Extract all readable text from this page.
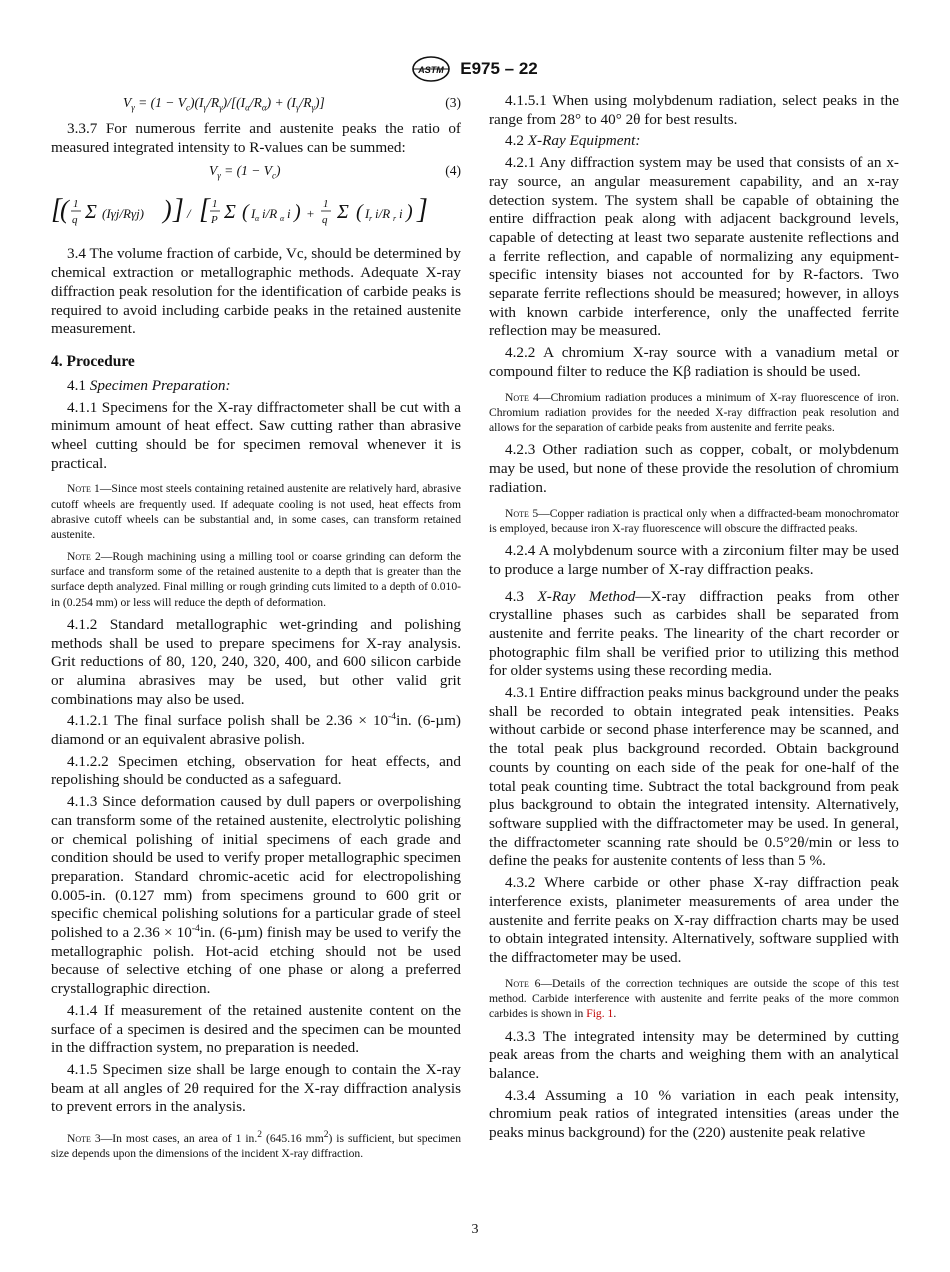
ASTM E975 – 22
$V_\gamma = (1 - V_c)(I_\gamma/R_\gamma)/[(I_\alpha/R_\alpha) + (I_\gamma/R_\gamma)]$	(3)

3.3.7 For numerous ferrite and austenite peaks the ratio of measured integrated intensity to R-values can be summed:

$V_\gamma = (1 - V_c)$	(4)
[
( 1
q Σ (Iγj/Rγj) ) ] / [ 1
P Σ ( I α i/R α i ) +
1
q Σ ( I r i/R r i ) ]

3.4 The volume fraction of carbide, Vc, should be determined by chemical extraction or metallographic methods. Adequate X-ray diffraction peak resolution for the identification of carbide peaks is required to avoid including carbide peaks in the retained austenite measurement.

4. Procedure

4.1 Specimen Preparation:

4.1.1 Specimens for the X-ray diffractometer shall be cut with a minimum amount of heat effect. Saw cutting rather than abrasive wheel cutting should be for specimen removal whenever it is practical.

Note 1—Since most steels containing retained austenite are relatively hard, abrasive cutoff wheels are frequently used. If adequate cooling is not used, heat effects from abrasive cutoff wheels can be substantial and, in some cases, can transform retained austenite.
Note 2—Rough machining using a milling tool or coarse grinding can deform the surface and transform some of the retained austenite to a depth that is greater than the surface depth analyzed. Final milling or rough grinding cuts limited to a depth of 0.010-in (0.254 mm) or less will reduce the depth of deformation.

4.1.2 Standard metallographic wet-grinding and polishing methods shall be used to prepare specimens for X-ray analysis. Grit reductions of 80, 120, 240, 320, 400, and 600 silicon carbide or alumina abrasives may be used, but other valid grit combinations may also be used.

4.1.2.1 The final surface polish shall be $2.36 \times 10^{-4}in$. (6-µm) diamond or an equivalent abrasive polish.

4.1.2.2 Specimen etching, observation for heat effects, and repolishing should be conducted as a safeguard.

4.1.3 Since deformation caused by dull papers or overpolishing can transform some of the retained austenite, electrolytic polishing or chemical polishing of initial specimens of each grade and condition should be used to verify proper metallographic specimen preparation. Standard chromic-acetic acid for electropolishing 0.005-in. (0.127 mm) from specimens ground to 600 grit or specific chemical polishing solutions for a particular grade of steel polished to a $2.36 \times 10^{-4}in$. (6-µm) finish may be used to verify the metallographic polish. Hot-acid etching should not be used because of selective etching of one phase or along a preferred crystallographic direction.

4.1.4 If measurement of the retained austenite content on the surface of a specimen is desired and the specimen can be mounted in the diffraction system, no preparation is needed.

4.1.5 Specimen size shall be large enough to contain the X-ray beam at all angles of 2θ required for the X-ray diffraction analysis to prevent errors in the analysis.

Note 3—In most cases, an area of 1 in.$^2$ (645.16 $mm^2$) is sufficient, but specimen size depends upon the dimensions of the incident X-ray diffraction.

4.1.5.1 When using molybdenum radiation, select peaks in the range from 28° to 40° 2θ for best results.

4.2 X-Ray Equipment:

4.2.1 Any diffraction system may be used that consists of an x-ray source, an angular measurement capability, and an x-ray detection system. The system shall be capable of obtaining the entire diffraction peak along with adjacent background levels, capable of detecting at least two separate austenite reflections and a ferrite reflection, and capable of normalizing any equipment-specific intensity biases not accounted for by R-factors. Two separate ferrite reflections should be measured; however, in alloys with known carbide interference, only the unaffected ferrite reflection may be measured.

4.2.2 A chromium X-ray source with a vanadium metal or compound filter to reduce the Kβ radiation is should be used.

Note 4—Chromium radiation produces a minimum of X-ray fluorescence of iron. Chromium radiation provides for the needed X-ray diffraction peak resolution and allows for the separation of carbide peaks from austenite and ferrite peaks.

4.2.3 Other radiation such as copper, cobalt, or molybdenum may be used, but none of these provide the resolution of chromium radiation.

Note 5—Copper radiation is practical only when a diffracted-beam monochromator is employed, because iron X-ray fluorescence will obscure the diffracted peaks.

4.2.4 A molybdenum source with a zirconium filter may be used to produce a large number of X-ray diffraction peaks.

4.3 X-Ray Method—X-ray diffraction peaks from other crystalline phases such as carbides shall be separated from austenite and ferrite peaks. The linearity of the chart recorder or photographic film shall be verified prior to utilizing this method for older systems using these recording media.

4.3.1 Entire diffraction peaks minus background under the peaks shall be recorded to obtain integrated peak intensities. Peaks without carbide or second phase interference may be scanned, and the total peak plus background recorded. Obtain background counts by counting on each side of the peak for one-half of the total peak counting time. Subtract the total background from peak plus background to obtain the integrated intensity. Alternatively, software supplied with the diffractometer may be used. In general, the diffractometer scanning rate should be 0.5°2θ/min or less to define the peaks for austenite contents of less than 5 %.

4.3.2 Where carbide or other phase X-ray diffraction peak interference exists, planimeter measurements of area under the austenite and ferrite peaks on X-ray diffraction charts may be used to obtain integrated intensity. Alternatively, software supplied with the diffractometer may be used.

Note 6—Details of the correction techniques are outside the scope of this test method. Carbide interference with austenite and ferrite peaks of the more common carbides is shown in Fig. 1.

4.3.3 The integrated intensity may be determined by cutting peak areas from the charts and weighing them with an analytical balance.

4.3.4 Assuming a 10 % variation in each peak intensity, chromium peak ratios of integrated intensities (areas under the peaks minus background) for the (220) austenite peak relative

3
